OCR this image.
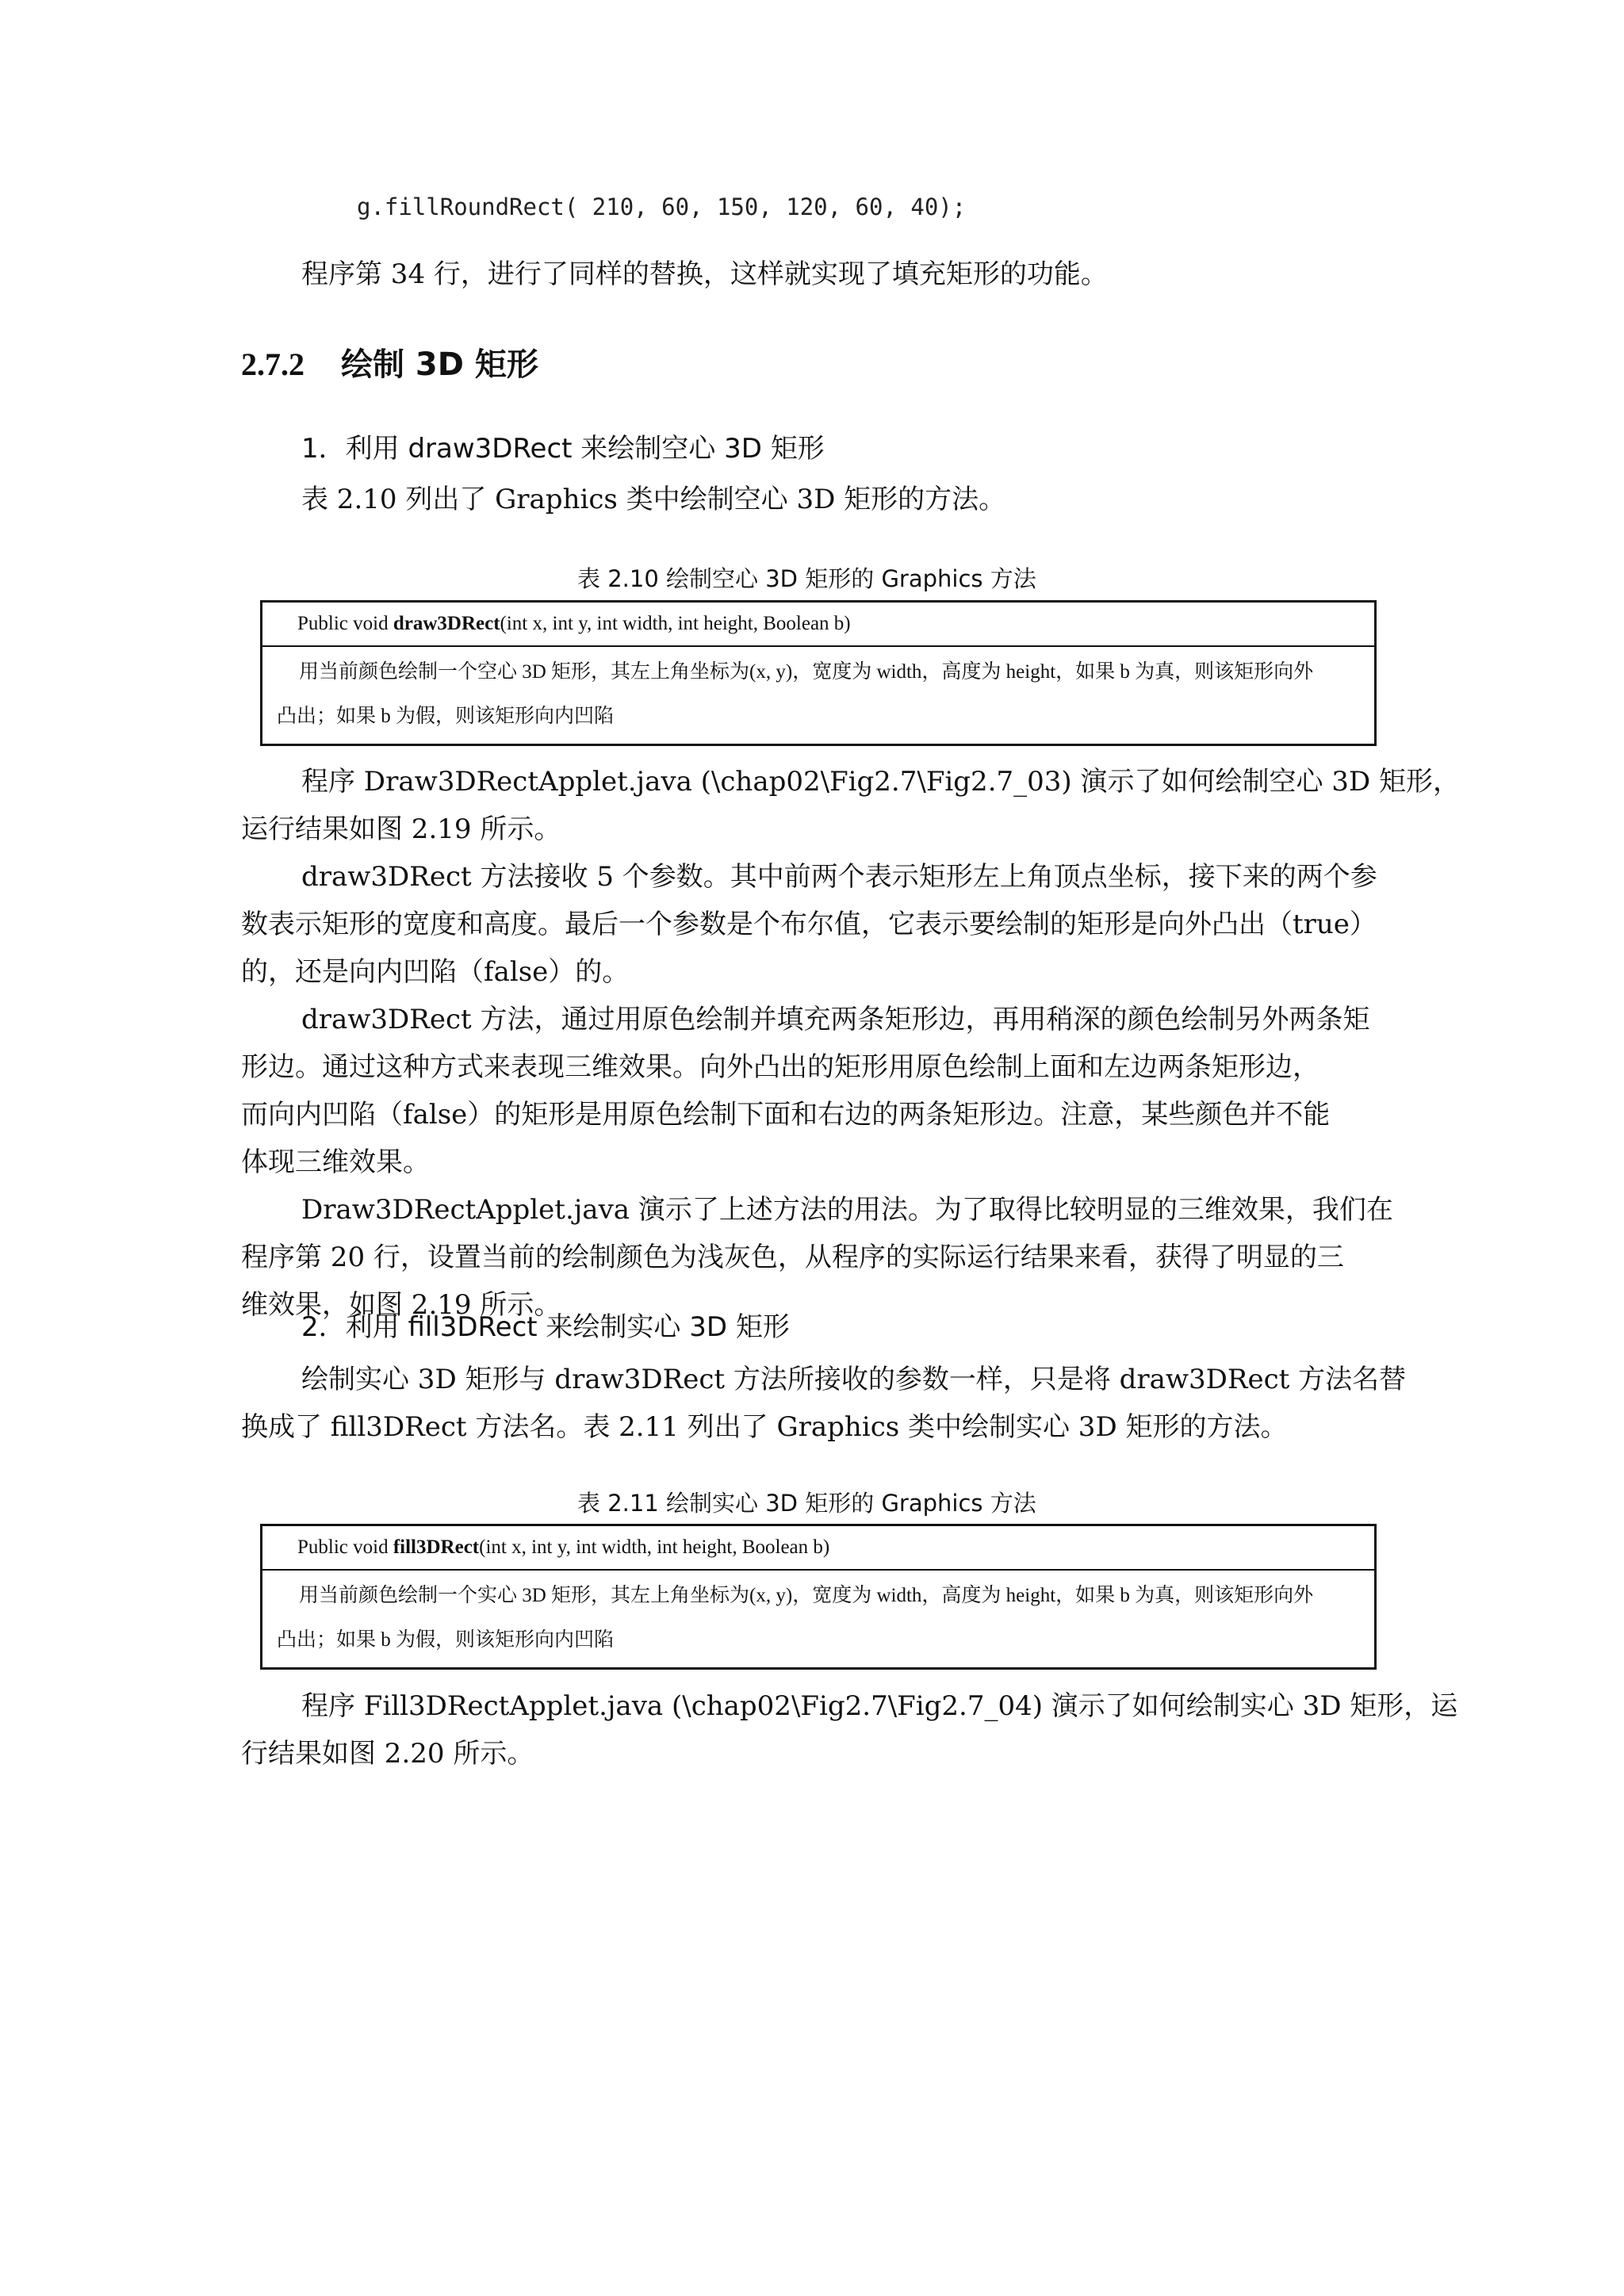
g.fillRoundRect( 210, 60, 150, 120, 60, 40);
程序第 34 行，进行了同样的替换，这样就实现了填充矩形的功能。
2.7.2 绘制 3D 矩形
1．利用 draw3DRect 来绘制空心 3D 矩形
表 2.10 列出了 Graphics 类中绘制空心 3D 矩形的方法。
表 2.10 绘制空心 3D 矩形的 Graphics 方法
Public void draw3DRect(int x, int y, int width, int height, Boolean b)
用当前颜色绘制一个空心 3D 矩形，其左上角坐标为(x, y)，宽度为 width，高度为 height，如果 b 为真，则该矩形向外
凸出；如果 b 为假，则该矩形向内凹陷
程序 Draw3DRectApplet.java (\chap02\Fig2.7\Fig2.7_03) 演示了如何绘制空心 3D 矩形，
运行结果如图 2.19 所示。
draw3DRect 方法接收 5 个参数。其中前两个表示矩形左上角顶点坐标，接下来的两个参
数表示矩形的宽度和高度。最后一个参数是个布尔值，它表示要绘制的矩形是向外凸出（true）
的，还是向内凹陷（false）的。
draw3DRect 方法，通过用原色绘制并填充两条矩形边，再用稍深的颜色绘制另外两条矩
形边。通过这种方式来表现三维效果。向外凸出的矩形用原色绘制上面和左边两条矩形边，
而向内凹陷（false）的矩形是用原色绘制下面和右边的两条矩形边。注意，某些颜色并不能
体现三维效果。
Draw3DRectApplet.java 演示了上述方法的用法。为了取得比较明显的三维效果，我们在
程序第 20 行，设置当前的绘制颜色为浅灰色，从程序的实际运行结果来看，获得了明显的三
维效果，如图 2.19 所示。
2．利用 fill3DRect 来绘制实心 3D 矩形
绘制实心 3D 矩形与 draw3DRect 方法所接收的参数一样，只是将 draw3DRect 方法名替
换成了 fill3DRect 方法名。表 2.11 列出了 Graphics 类中绘制实心 3D 矩形的方法。
表 2.11 绘制实心 3D 矩形的 Graphics 方法
Public void fill3DRect(int x, int y, int width, int height, Boolean b)
用当前颜色绘制一个实心 3D 矩形，其左上角坐标为(x, y)，宽度为 width，高度为 height，如果 b 为真，则该矩形向外
凸出；如果 b 为假，则该矩形向内凹陷
程序 Fill3DRectApplet.java (\chap02\Fig2.7\Fig2.7_04) 演示了如何绘制实心 3D 矩形，运
行结果如图 2.20 所示。
